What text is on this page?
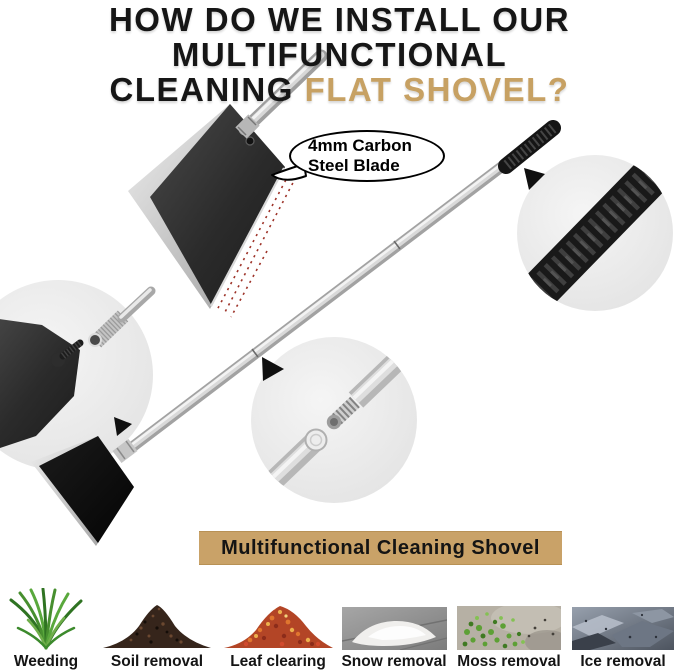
HOW DO WE INSTALL OUR
MULTIFUNCTIONAL
CLEANING FLAT SHOVEL?
4mm Carbon
Steel Blade
Multifunctional Cleaning Shovel
Weeding Soil removal Leaf clearing Snow removal Moss removal Ice removal
